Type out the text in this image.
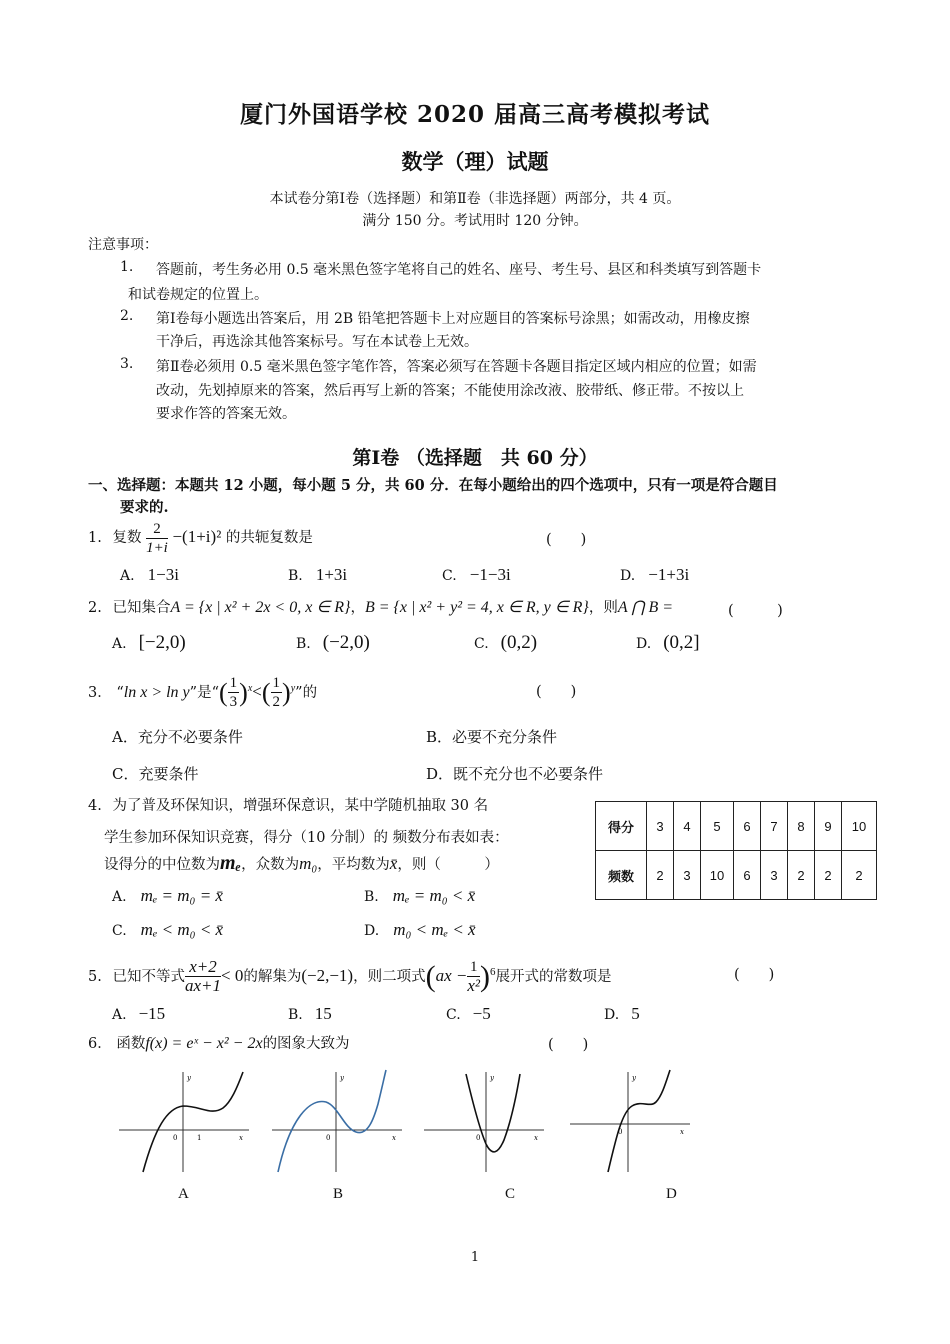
厦门外国语学校 2020 届高三高考模拟考试
数学（理）试题
本试卷分第Ⅰ卷（选择题）和第Ⅱ卷（非选择题）两部分，共 4 页。
满分 150 分。考试用时 120 分钟。
注意事项：
1. 答题前，考生务必用 0.5 毫米黑色签字笔将自己的姓名、座号、考生号、县区和科类填写到答题卡
和试卷规定的位置上。
2. 第Ⅰ卷每小题选出答案后，用 2B 铅笔把答题卡上对应题目的答案标号涂黑；如需改动，用橡皮擦
干净后，再选涂其他答案标号。写在本试卷上无效。
3. 第Ⅱ卷必须用 0.5 毫米黑色签字笔作答，答案必须写在答题卡各题目指定区域内相应的位置；如需
改动，先划掉原来的答案，然后再写上新的答案；不能使用涂改液、胶带纸、修正带。不按以上
要求作答的答案无效。
第Ⅰ卷 （选择题　共 60 分）
一、选择题：本题共 12 小题，每小题 5 分，共 60 分．在每小题给出的四个选项中，只有一项是符合题目
要求的.
1. 复数 $\frac{2}{1+i} -(1+i)^2$ 的共轭复数是	(　　)
A. 1−3i	B. 1+3i	C. −1−3i	D. −1+3i
2. 已知集合A = {x | x² + 2x < 0, x ∈ R}，B = {x | x² + y² = 4, x ∈ R, y ∈ R}，则A ⋂ B =	(　　　)
A. [−2,0)	B. (−2,0)	C. (0,2)	D. (0,2]
3． “ln x > ln y”是“( $\frac{1}{3} )^x<( \frac{1}{2} )^y$”的	(　　)
A．充分不必要条件	B．必要不充分条件
C．充要条件	D．既不充分也不必要条件
4. 为了普及环保知识，增强环保意识，某中学随机抽取 30 名
学生参加环保知识竞赛，得分（10 分制）的 频数分布表如表：
设得分的中位数为mₑ，众数为m₀，平均数为x̄，则（　　　）
A. mₑ = m₀ = x̄	B. mₑ = m₀ < x̄
C. mₑ < m₀ < x̄	D. m₀ < mₑ < x̄
得分	3	4	5	6	7	8	9	10
频数	2	3	10	6	3	2	2	2
5. 已知不等式 $\frac{x+2}{ax+1} < 0$的解集为(−2,−1)，则二项式$(ax - \frac{1}{\text{x²}} )^6$展开式的常数项是	(　　)
A. −15	B. 15	C. −5	D. 5
6． 函数f(x) = eˣ − x² − 2x的图象大致为	(　　)
y
x
0	1
A
y
x
0
B
y
x
0
C
y
x
0
D
1
